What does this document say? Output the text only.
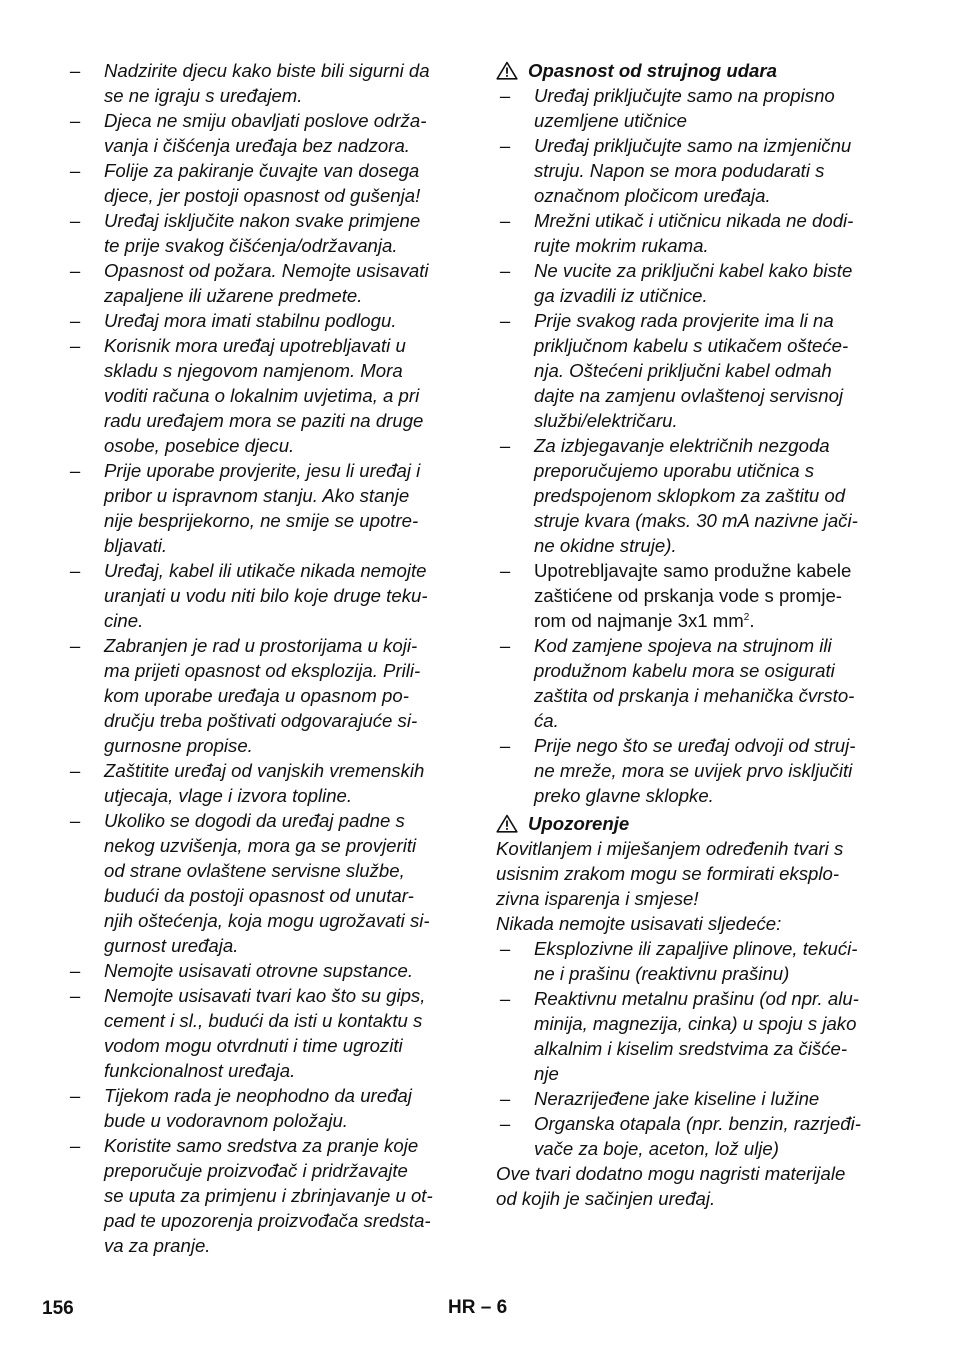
– Nadzirite djecu kako biste bili sigurni da
se ne igraju s uređajem.
– Djeca ne smiju obavljati poslove održa-
vanja i čišćenja uređaja bez nadzora.
– Folije za pakiranje čuvajte van dosega
djece, jer postoji opasnost od gušenja!
– Uređaj isključite nakon svake primjene
te prije svakog čišćenja/održavanja.
– Opasnost od požara. Nemojte usisavati
zapaljene ili užarene predmete.
– Uređaj mora imati stabilnu podlogu.
– Korisnik mora uređaj upotrebljavati u
skladu s njegovom namjenom. Mora
voditi računa o lokalnim uvjetima, a pri
radu uređajem mora se paziti na druge
osobe, posebice djecu.
– Prije uporabe provjerite, jesu li uređaj i
pribor u ispravnom stanju. Ako stanje
nije besprijekorno, ne smije se upotre-
bljavati.
– Uređaj, kabel ili utikače nikada nemojte
uranjati u vodu niti bilo koje druge teku-
cine.
– Zabranjen je rad u prostorijama u koji-
ma prijeti opasnost od eksplozija. Prili-
kom uporabe uređaja u opasnom po-
dručju treba poštivati odgovarajuće si-
gurnosne propise.
– Zaštitite uređaj od vanjskih vremenskih
utjecaja, vlage i izvora topline.
– Ukoliko se dogodi da uređaj padne s
nekog uzvišenja, mora ga se provjeriti
od strane ovlaštene servisne službe,
budući da postoji opasnost od unutar-
njih oštećenja, koja mogu ugrožavati si-
gurnost uređaja.
– Nemojte usisavati otrovne supstance.
– Nemojte usisavati tvari kao što su gips,
cement i sl., budući da isti u kontaktu s
vodom mogu otvrdnuti i time ugroziti
funkcionalnost uređaja.
– Tijekom rada je neophodno da uređaj
bude u vodoravnom položaju.
– Koristite samo sredstva za pranje koje
preporučuje proizvođač i pridržavajte
se uputa za primjenu i zbrinjavanje u ot-
pad te upozorenja proizvođača sredsta-
va za pranje.
Opasnost od strujnog udara
– Uređaj priključujte samo na propisno
uzemljene utičnice
– Uređaj priključujte samo na izmjeničnu
struju. Napon se mora podudarati s
označnom pločicom uređaja.
– Mrežni utikač i utičnicu nikada ne dodi-
rujte mokrim rukama.
– Ne vucite za priključni kabel kako biste
ga izvadili iz utičnice.
– Prije svakog rada provjerite ima li na
priključnom kabelu s utikačem oštećе-
nja. Oštećeni priključni kabel odmah
dajte na zamjenu ovlaštenoj servisnoj
službi/električaru.
– Za izbjegavanje električnih nezgoda
preporučujemo uporabu utičnica s
predspojenom sklopkom za zaštitu od
struje kvara (maks. 30 mA nazivne jači-
ne okidne struje).
– Upotrebljavajte samo produžne kabele
zaštićene od prskanja vode s promje-
rom od najmanje 3x1 $mm^2$.
– Kod zamjene spojeva na strujnom ili
produžnom kabelu mora se osigurati
zaštita od prskanja i mehanička čvrsto-
ća.
– Prije nego što se uređaj odvoji od struj-
ne mreže, mora se uvijek prvo isključiti
preko glavne sklopke.
Upozorenje
Kovitlanjem i miješanjem određenih tvari s
usisnim zrakom mogu se formirati eksplo-
zivna isparenja i smjese!
Nikada nemojte usisavati sljedeće:
– Eksplozivne ili zapaljive plinove, tekući-
ne i prašinu (reaktivnu prašinu)
– Reaktivnu metalnu prašinu (od npr. alu-
minija, magnezija, cinka) u spoju s jako
alkalnim i kiselim sredstvima za čišće-
nje
– Nerazrijeđene jake kiseline i lužine
– Organska otapala (npr. benzin, razrjeđi-
vače za boje, aceton, lož ulje)
Ove tvari dodatno mogu nagristi materijale
od kojih je sačinjen uređaj.
156	HR – 6
